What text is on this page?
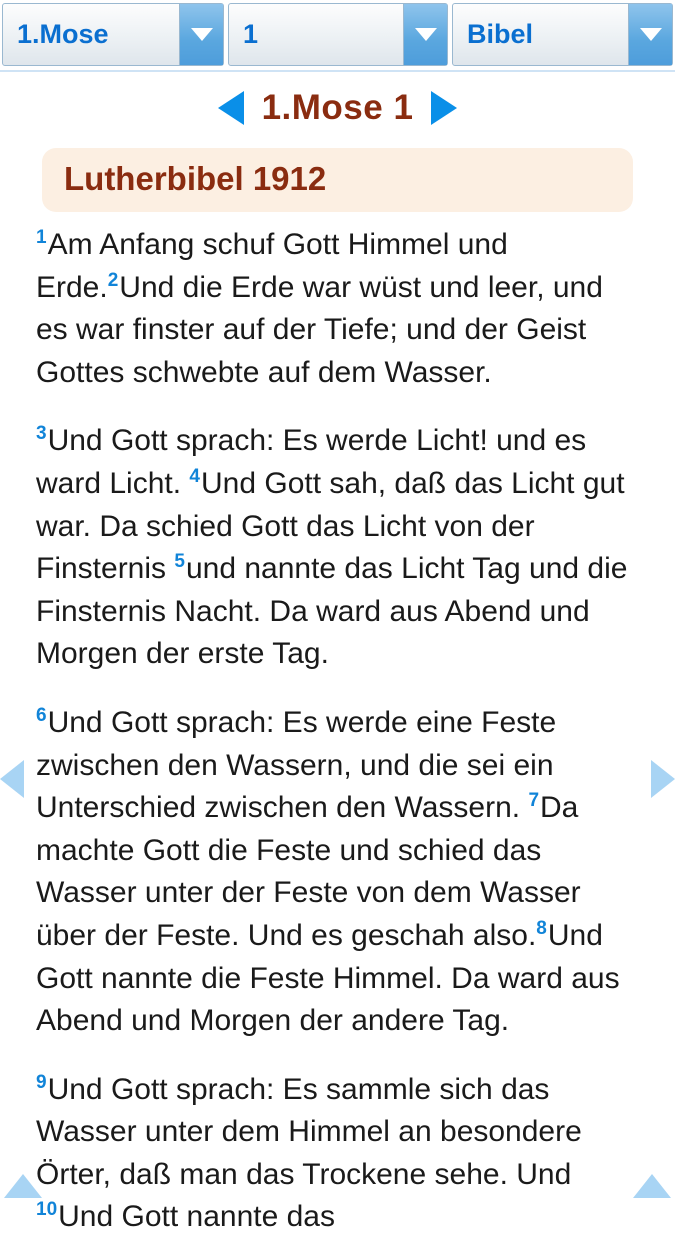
1.Mose	1	Bibel
1.Mose 1
Lutherbibel 1912

$^1$Am Anfang schuf Gott Himmel und Erde.$^2$Und die Erde war wüst und leer, und es war finster auf der Tiefe; und der Geist Gottes schwebte auf dem Wasser.

$^3$Und Gott sprach: Es werde Licht! und es ward Licht. $^4$Und Gott sah, daß das Licht gut war. Da schied Gott das Licht von der Finsternis $^5$und nannte das Licht Tag und die Finsternis Nacht. Da ward aus Abend und Morgen der erste Tag.

$^6$Und Gott sprach: Es werde eine Feste zwischen den Wassern, und die sei ein Unterschied zwischen den Wassern. $^7$Da machte Gott die Feste und schied das Wasser unter der Feste von dem Wasser über der Feste. Und es geschah also.$^8$Und Gott nannte die Feste Himmel. Da ward aus Abend und Morgen der andere Tag.

$^9$Und Gott sprach: Es sammle sich das Wasser unter dem Himmel an besondere Örter, daß man das Trockene sehe. Und $^{10}$Und Gott nannte das
